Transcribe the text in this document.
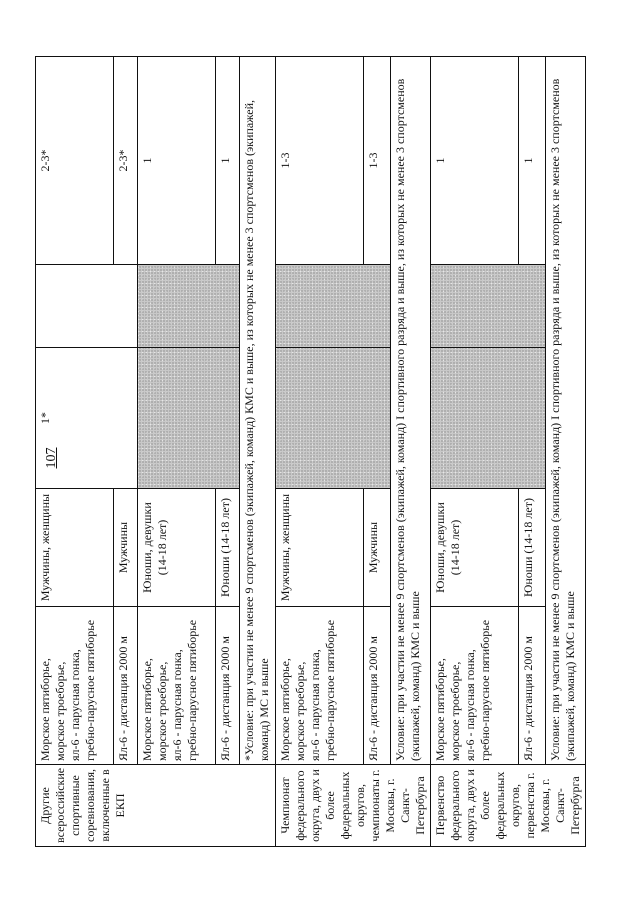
107
Другие всероссийские спортивные соревнования, включенные в ЕКП	Морское пятиборье, морское троеборье, ял-6 - парусная гонка, гребно-парусное пятиборье	Мужчины, женщины	1*		2-3*

	Ял-6 - дистанция 2000 м	Мужчины			2-3*

	Морское пятиборье, морское троеборье, ял-6 - парусная гонка, гребно-парусное пятиборье	Юноши, девушки (14-18 лет)			1

	Ял-6 - дистанция 2000 м	Юноши (14-18 лет)			1
	*Условие: при участии не менее 9 спортсменов (экипажей, команд) КМС и выше, из которых не менее 3 спортсменов (экипажей, команд) МС и выше				
Чемпионат федерального округа, двух и более федеральных округов, чемпионаты г. Москвы, г. Санкт-Петербурга	Морское пятиборье, морское троеборье, ял-6 - парусная гонка, гребно-парусное пятиборье	Мужчины, женщины			1-3

	Ял-6 - дистанция 2000 м	Мужчины			1-3
	Условие: при участии не менее 9 спортсменов (экипажей, команд) I спортивного разряда и выше, из которых не менее 3 спортсменов (экипажей, команд) КМС и выше				
Первенство федерального округа, двух и более федеральных округов, первенства г. Москвы, г. Санкт-Петербурга	Морское пятиборье, морское троеборье, ял-6 - парусная гонка, гребно-парусное пятиборье	Юноши, девушки (14-18 лет)			1

	Ял-6 - дистанция 2000 м	Юноши (14-18 лет)			1
	Условие: при участии не менее 9 спортсменов (экипажей, команд) I спортивного разряда и выше, из которых не менее 3 спортсменов (экипажей, команд) КМС и выше				
